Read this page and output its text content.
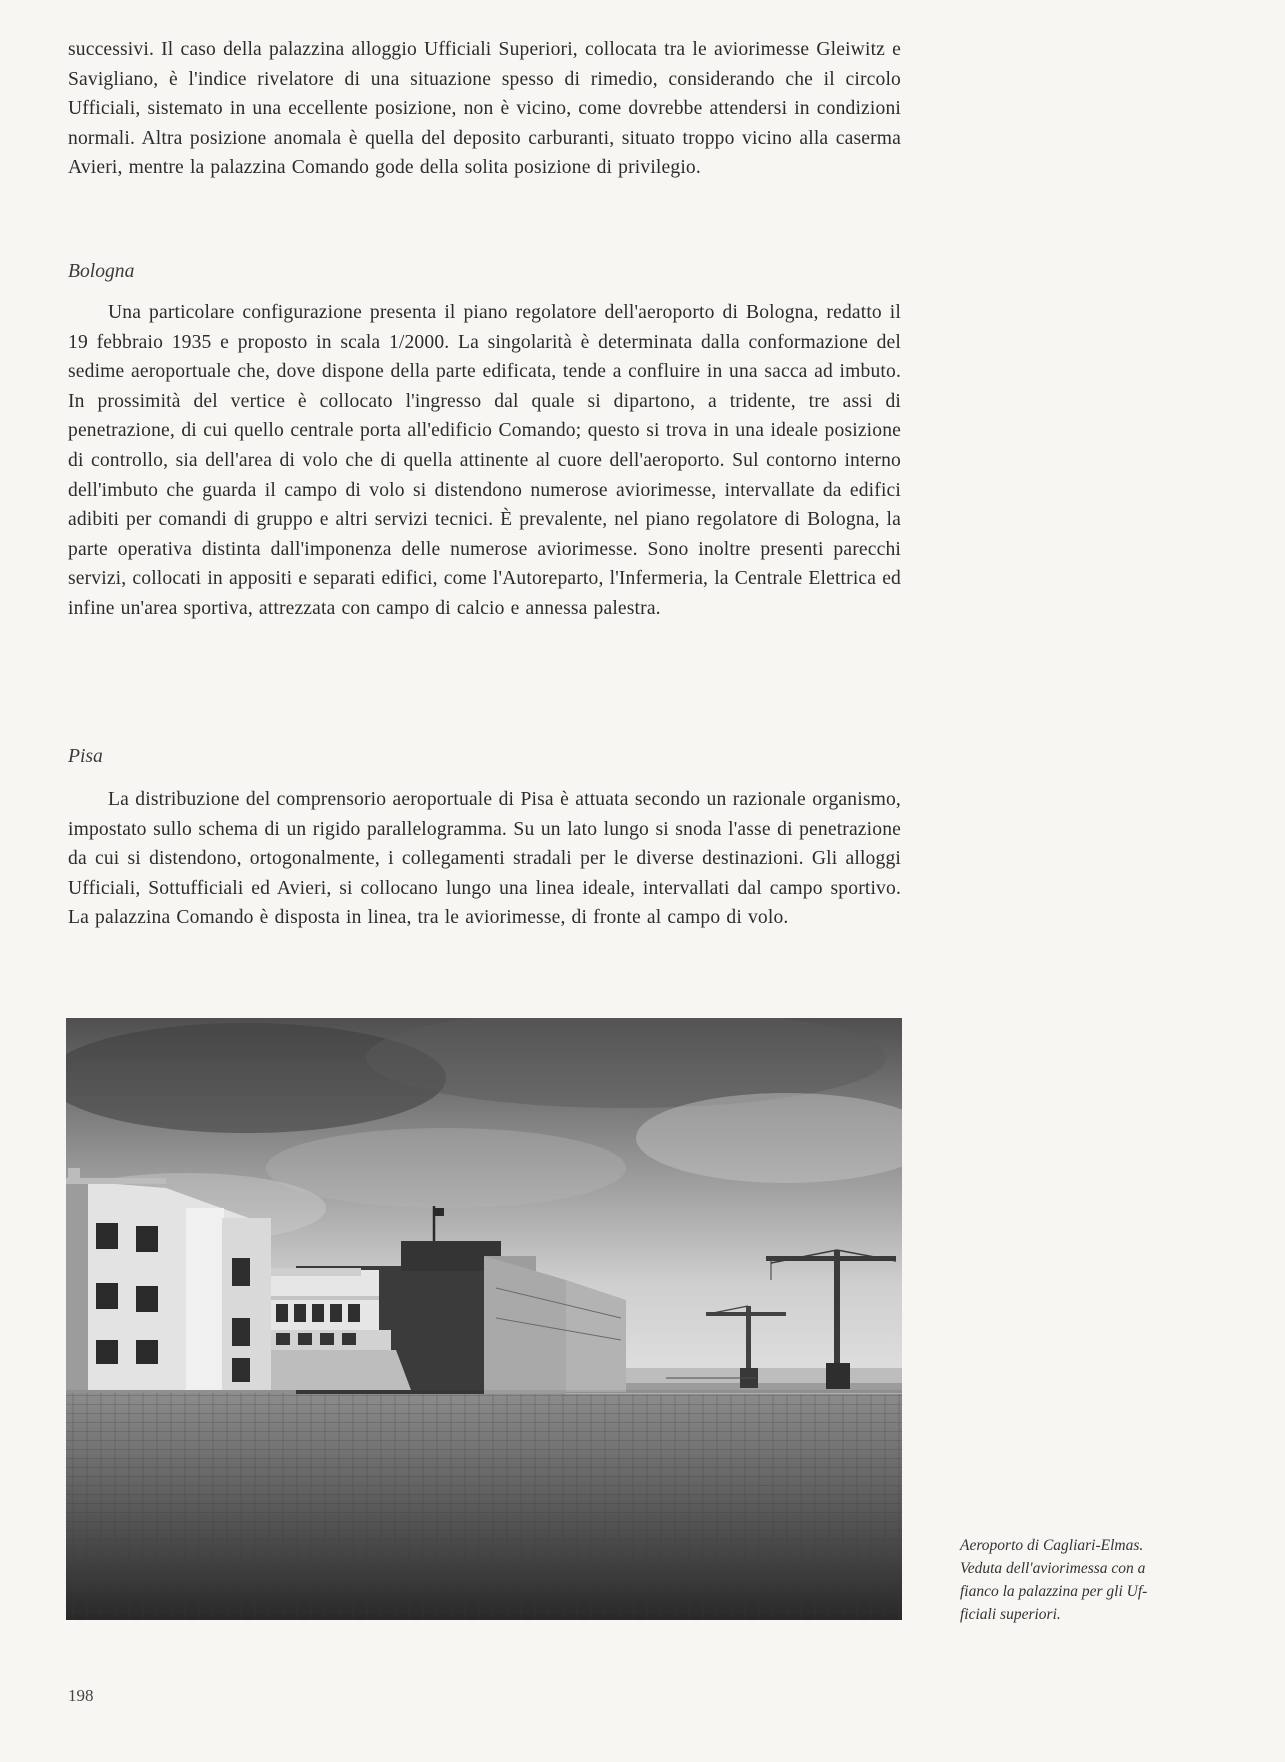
successivi. Il caso della palazzina alloggio Ufficiali Superiori, collocata tra le aviorimesse Gleiwitz e Savigliano, è l'indice rivelatore di una situazione spesso di rimedio, considerando che il circolo Ufficiali, sistemato in una eccellente posizione, non è vicino, come dovrebbe attendersi in condizioni normali. Altra posizione anomala è quella del deposito carburanti, situato troppo vicino alla caserma Avieri, mentre la palazzina Comando gode della solita posizione di privilegio.

Bologna

Una particolare configurazione presenta il piano regolatore dell'aeroporto di Bologna, redatto il 19 febbraio 1935 e proposto in scala 1/2000. La singolarità è determinata dalla conformazione del sedime aeroportuale che, dove dispone della parte edificata, tende a confluire in una sacca ad imbuto. In prossimità del vertice è collocato l'ingresso dal quale si dipartono, a tridente, tre assi di penetrazione, di cui quello centrale porta all'edificio Comando; questo si trova in una ideale posizione di controllo, sia dell'area di volo che di quella attinente al cuore dell'aeroporto. Sul contorno interno dell'imbuto che guarda il campo di volo si distendono numerose aviorimesse, intervallate da edifici adibiti per comandi di gruppo e altri servizi tecnici. È prevalente, nel piano regolatore di Bologna, la parte operativa distinta dall'imponenza delle numerose aviorimesse. Sono inoltre presenti parecchi servizi, collocati in appositi e separati edifici, come l'Autoreparto, l'Infermeria, la Centrale Elettrica ed infine un'area sportiva, attrezzata con campo di calcio e annessa palestra.

Pisa

La distribuzione del comprensorio aeroportuale di Pisa è attuata secondo un razionale organismo, impostato sullo schema di un rigido parallelogramma. Su un lato lungo si snoda l'asse di penetrazione da cui si distendono, ortogonalmente, i collegamenti stradali per le diverse destinazioni. Gli alloggi Ufficiali, Sottufficiali ed Avieri, si collocano lungo una linea ideale, intervallati dal campo sportivo. La palazzina Comando è disposta in linea, tra le aviorimesse, di fronte al campo di volo.

Aeroporto di Cagliari-Elmas.
Veduta dell'aviorimessa con a
fianco la palazzina per gli Uf-
ficiali superiori.
198
